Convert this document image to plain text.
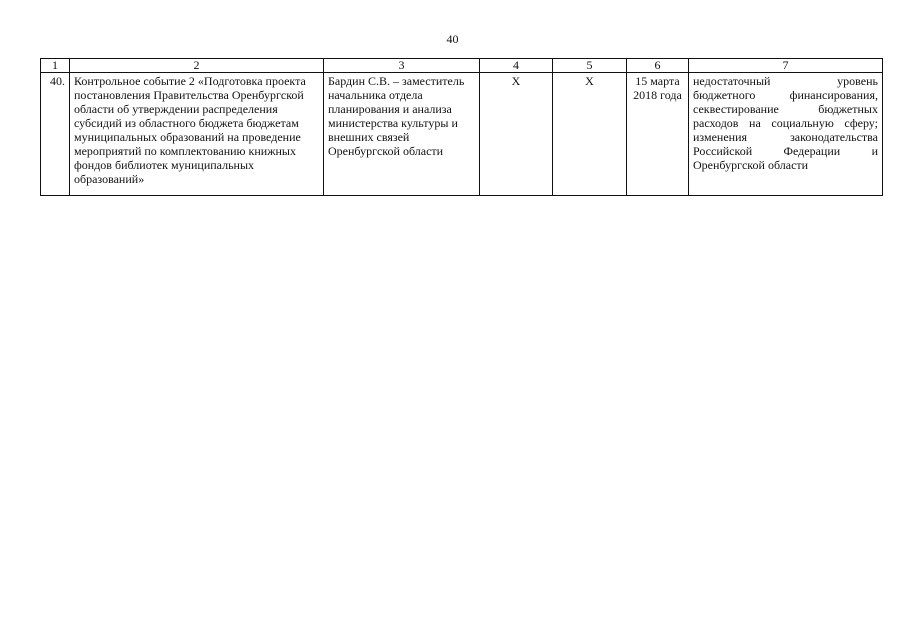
40
1	2	3	4	5	6	7
40.	Контрольное событие 2 «Подготовка проекта постановления Правительства Оренбургской области об утверждении распределения субсидий из областного бюджета бюджетам муниципальных образований на проведение мероприятий по комплектованию книжных фондов библиотек муниципальных образований»	Бардин С.В. – заместитель начальника отдела планирования и анализа министерства культуры и внешних связей Оренбургской области	Х	Х	15 марта 2018 года	недостаточный уровень бюджетного финансирования, секвестирование бюджетных расходов на социальную сферу; изменения законодательства Российской Федерации и Оренбургской области
